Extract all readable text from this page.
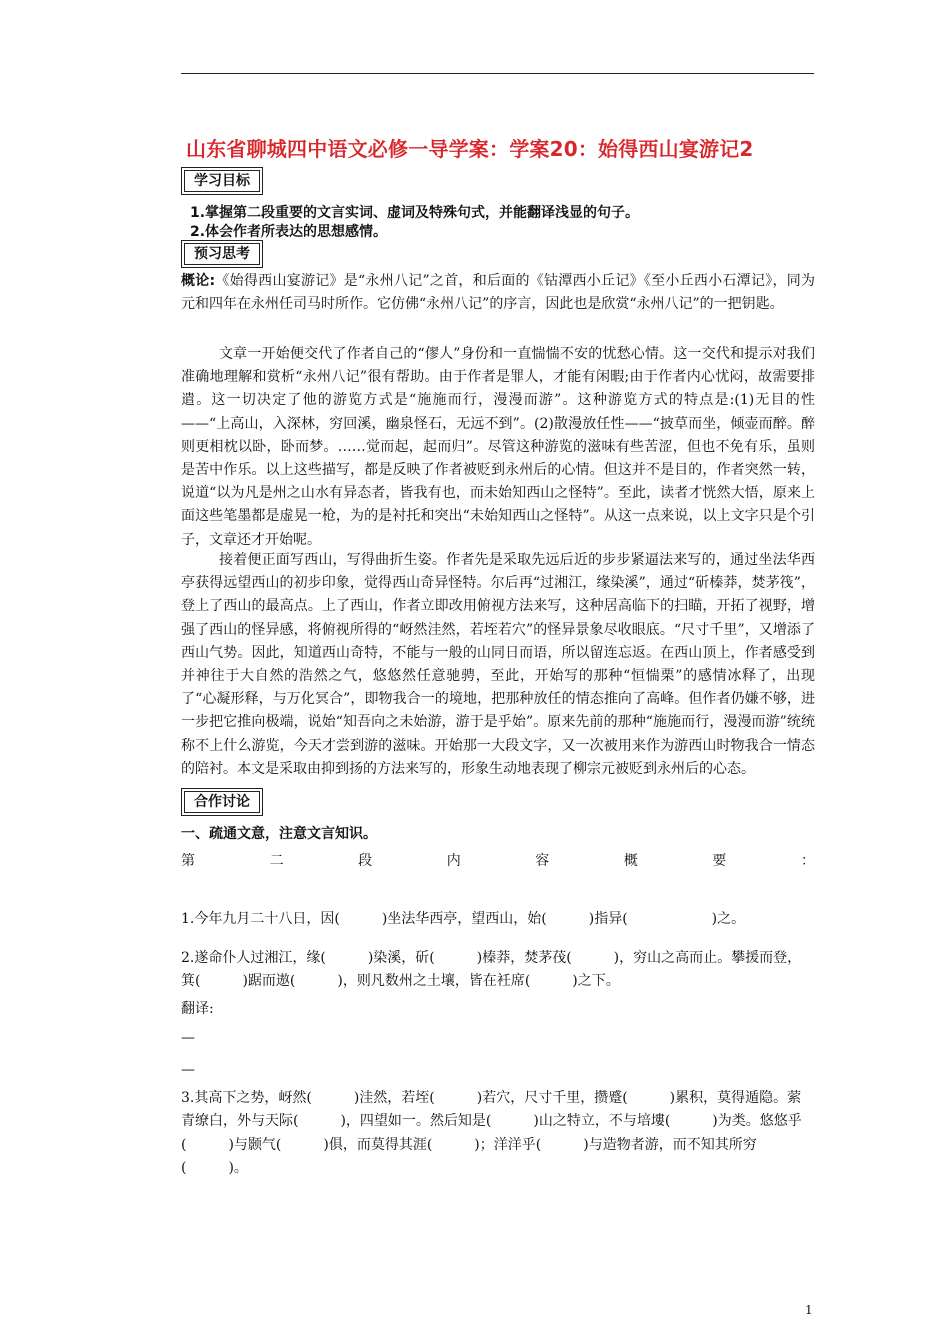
山东省聊城四中语文必修一导学案：学案20：始得西山宴游记2
学习目标
1.掌握第二段重要的文言实词、虚词及特殊句式，并能翻译浅显的句子。
2.体会作者所表达的思想感情。
预习思考
概论:《始得西山宴游记》是“永州八记”之首，和后面的《钴潭西小丘记》《至小丘西小石潭记》，同为元和四年在永州任司马时所作。它仿佛“永州八记”的序言，因此也是欣赏“永州八记”的一把钥匙。
文章一开始便交代了作者自己的“僇人”身份和一直惴惴不安的忧愁心情。这一交代和提示对我们准确地理解和赏析“永州八记”很有帮助。由于作者是罪人，才能有闲暇;由于作者内心忧闷，故需要排遣。这一切决定了他的游览方式是“施施而行，漫漫而游”。这种游览方式的特点是:(1)无目的性——“上高山，入深林，穷回溪，幽泉怪石，无远不到”。(2)散漫放任性——“披草而坐，倾壶而醉。醉则更相枕以卧，卧而梦。……觉而起，起而归”。尽管这种游览的滋味有些苦涩，但也不免有乐，虽则是苦中作乐。以上这些描写，都是反映了作者被贬到永州后的心情。但这并不是目的，作者突然一转，说道“以为凡是州之山水有异态者，皆我有也，而未始知西山之怪特”。至此，读者才恍然大悟，原来上面这些笔墨都是虚晃一枪，为的是衬托和突出“未始知西山之怪特”。从这一点来说，以上文字只是个引子，文章还才开始呢。
接着便正面写西山，写得曲折生姿。作者先是采取先远后近的步步紧逼法来写的，通过坐法华西亭获得远望西山的初步印象，觉得西山奇异怪特。尔后再“过湘江，缘染溪”，通过“斫榛莽，焚茅筏”，登上了西山的最高点。上了西山，作者立即改用俯视方法来写，这种居高临下的扫瞄，开拓了视野，增强了西山的怪异感，将俯视所得的“岈然洼然，若垤若穴”的怪异景象尽收眼底。“尺寸千里”，又增添了西山气势。因此，知道西山奇特，不能与一般的山同日而语，所以留连忘返。在西山顶上，作者感受到并神往于大自然的浩然之气，悠悠然任意驰骋，至此，开始写的那种“恒惴栗”的感情冰释了，出现了“心凝形释，与万化冥合”，即物我合一的境地，把那种放任的情态推向了高峰。但作者仍嫌不够，进一步把它推向极端，说始“知吾向之未始游，游于是乎始”。原来先前的那种“施施而行，漫漫而游”统统称不上什么游览，今天才尝到游的滋味。开始那一大段文字，又一次被用来作为游西山时物我合一情态的陪衬。本文是采取由抑到扬的方法来写的，形象生动地表现了柳宗元被贬到永州后的心态。
合作讨论
一、疏通文意，注意文言知识。
第	二	段	内	容	概	要	：
1.今年九月二十八日，因(　　　)坐法华西亭，望西山，始(　　　)指异(　　　　　　)之。
2.遂命仆人过湘江，缘(　　　)染溪，斫(　　　)榛莽，焚茅茷(　　　)，穷山之高而止。攀援而登，箕(　　　)踞而遨(　　　)，则凡数州之土壤，皆在衽席(　　　)之下。
翻译:
—
—
3.其高下之势，岈然(　　　)洼然，若垤(　　　)若穴，尺寸千里，攒蹙(　　　)累积，莫得遁隐。萦青缭白，外与天际(　　　)，四望如一。然后知是(　　　)山之特立，不与培塿(　　　)为类。悠悠乎(　　　)与颢气(　　　)俱，而莫得其涯(　　　)；洋洋乎(　　　)与造物者游，而不知其所穷(　　　)。
1
